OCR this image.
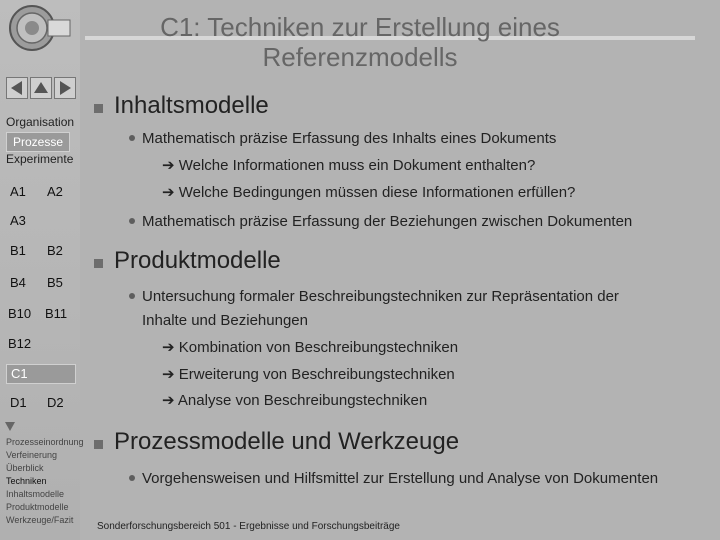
Organisation
Prozesse
Experimente
A1 A2
A3
B1 B2
B4 B5
B10 B11
B12
C1
D1 D2
Prozesseinordnung
Verfeinerung
Überblick
Techniken
Inhaltsmodelle
Produktmodelle
Werkzeuge/Fazit
C1: Techniken zur Erstellung eines
Referenzmodells
Inhaltsmodelle
Mathematisch präzise Erfassung des Inhalts eines Dokuments
➔ Welche Informationen muss ein Dokument enthalten?
➔ Welche Bedingungen müssen diese Informationen erfüllen?
Mathematisch präzise Erfassung der Beziehungen zwischen Dokumenten
Produktmodelle
Untersuchung formaler Beschreibungstechniken zur Repräsentation der
Inhalte und Beziehungen
➔ Kombination von Beschreibungstechniken
➔ Erweiterung von Beschreibungstechniken
➔ Analyse von Beschreibungstechniken
Prozessmodelle und Werkzeuge
Vorgehensweisen und Hilfsmittel zur Erstellung und Analyse von Dokumenten
Sonderforschungsbereich 501 - Ergebnisse und Forschungsbeiträge
